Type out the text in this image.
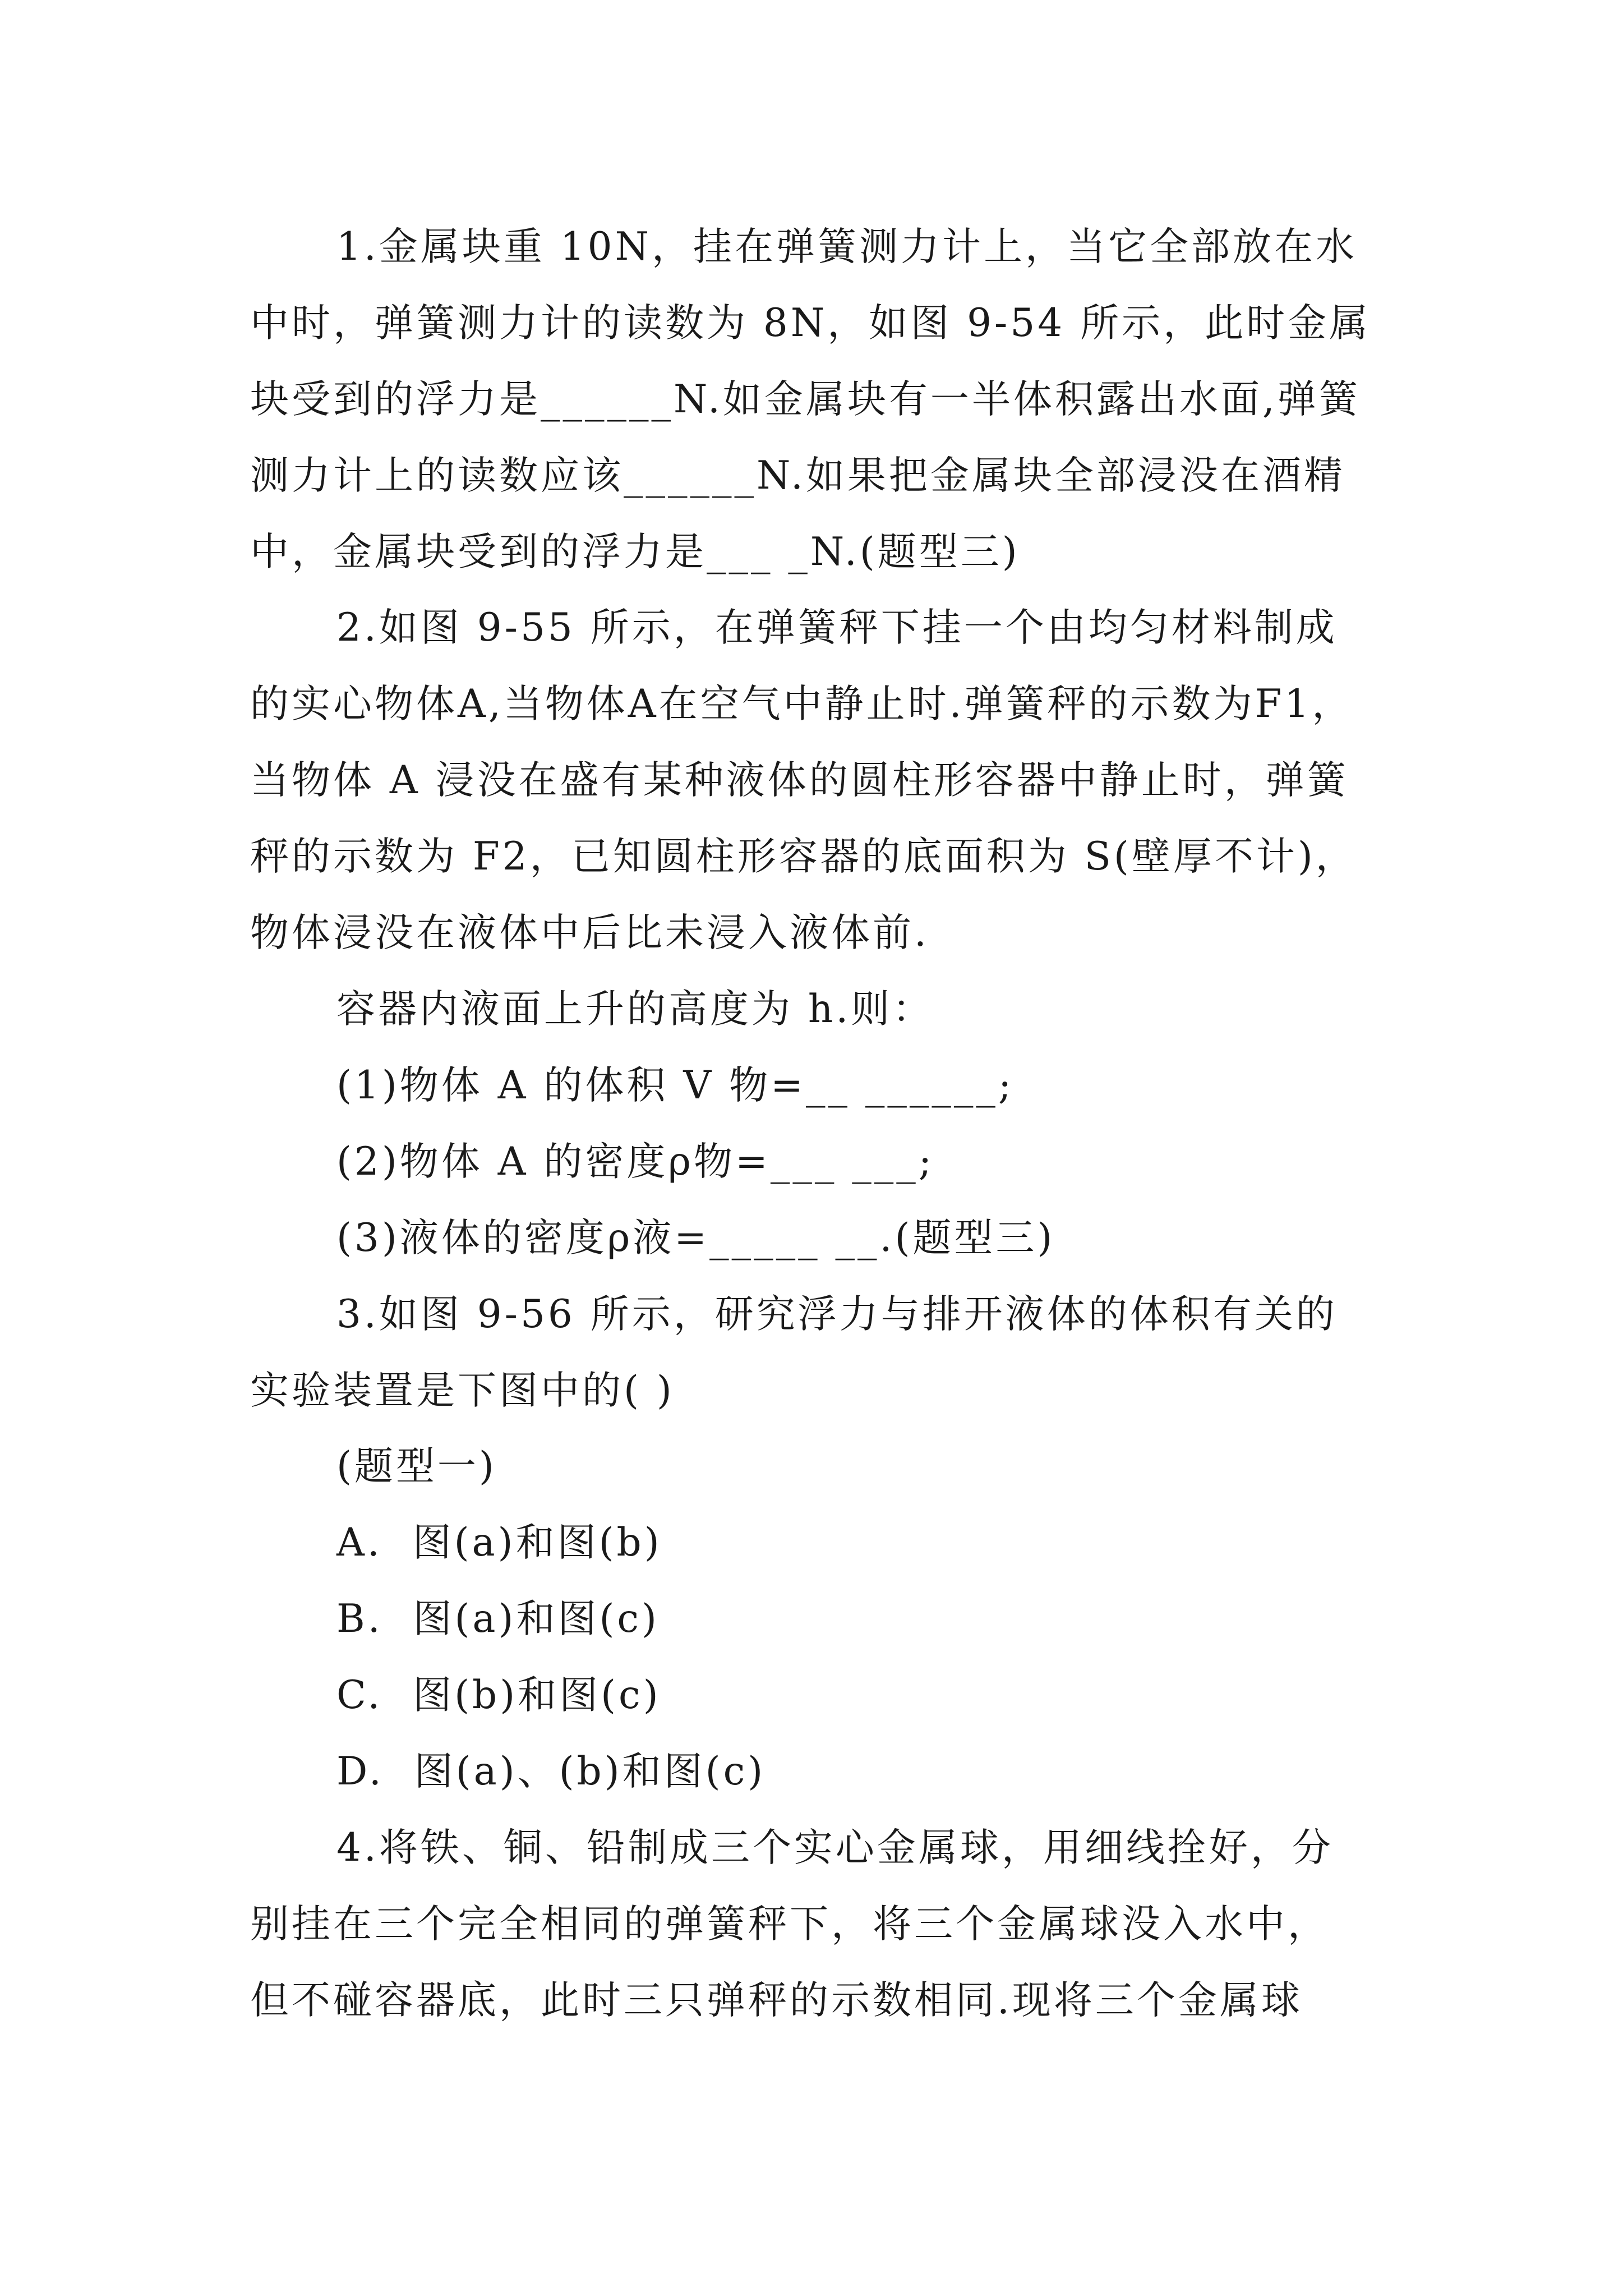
1.金属块重 10N，挂在弹簧测力计上，当它全部放在水
中时，弹簧测力计的读数为 8N，如图 9-54 所示，此时金属
块受到的浮力是______N.如金属块有一半体积露出水面,弹簧
测力计上的读数应该______N.如果把金属块全部浸没在酒精
中，金属块受到的浮力是___ _N.(题型三)
2.如图 9-55 所示，在弹簧秤下挂一个由均匀材料制成
的实心物体A,当物体A在空气中静止时.弹簧秤的示数为F1，
当物体 A 浸没在盛有某种液体的圆柱形容器中静止时，弹簧
秤的示数为 F2，已知圆柱形容器的底面积为 S(壁厚不计)，
物体浸没在液体中后比未浸入液体前.
容器内液面上升的高度为 h.则：
(1)物体 A 的体积 V 物=__ ______;
(2)物体 A 的密度ρ物=___ ___;
(3)液体的密度ρ液=_____ __.(题型三)
3.如图 9-56 所示，研究浮力与排开液体的体积有关的
实验装置是下图中的( )
(题型一)
A.  图(a)和图(b)
B.  图(a)和图(c)
C.  图(b)和图(c)
D.  图(a)、(b)和图(c)
4.将铁、铜、铅制成三个实心金属球，用细线拴好，分
别挂在三个完全相同的弹簧秤下，将三个金属球没入水中，
但不碰容器底，此时三只弹秤的示数相同.现将三个金属球
